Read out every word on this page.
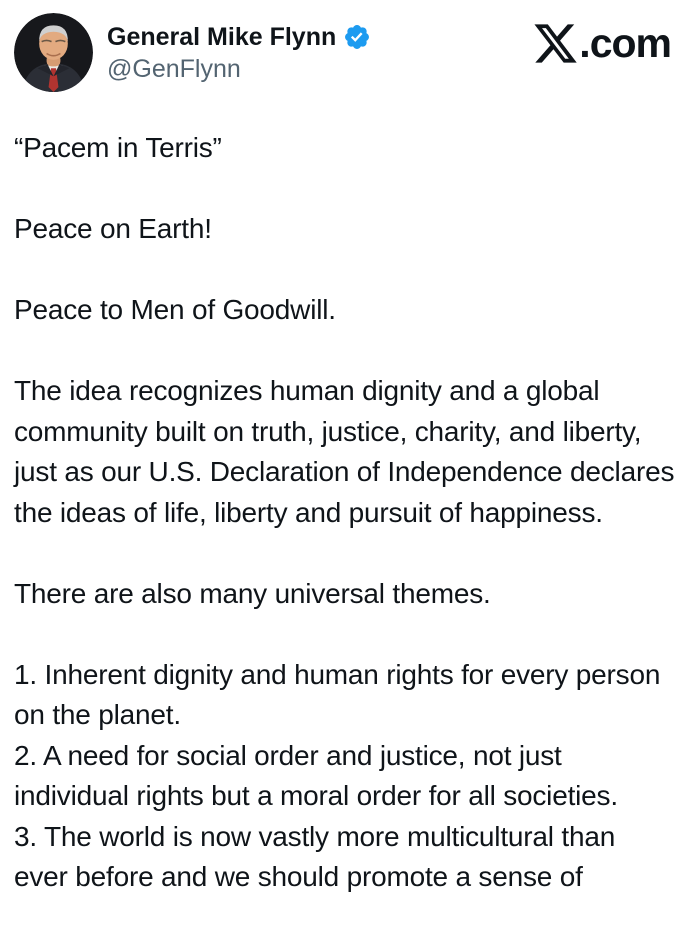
General Mike Flynn
@GenFlynn
.com

“Pacem in Terris”

Peace on Earth!

Peace to Men of Goodwill.

The idea recognizes human dignity and a global community built on truth, justice, charity, and liberty, just as our U.S. Declaration of Independence declares the ideas of life, liberty and pursuit of happiness.

There are also many universal themes.

1. Inherent dignity and human rights for every person on the planet.

2. A need for social order and justice, not just individual rights but a moral order for all societies.

3. The world is now vastly more multicultural than ever before and we should promote a sense of
